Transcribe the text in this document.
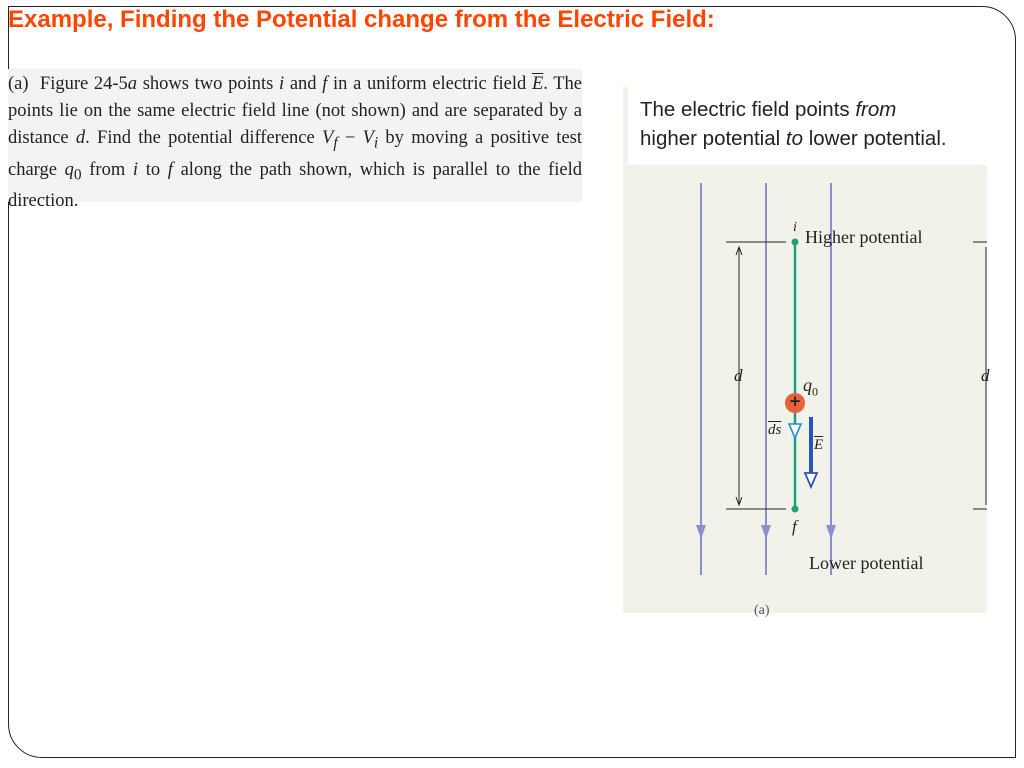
Example, Finding the Potential change from the Electric Field:

(a) Figure 24-5a shows two points i and f in a uniform electric field $\overline{E}$. The points lie on the same electric field line (not shown) and are separated by a distance d. Find the potential difference $V_f - V_i$ by moving a positive test charge $q_0$ from i to f along the path shown, which is parallel to the field direction.

i Higher potential
d	d
$q_0$
+
$\overline{ds}$
$\overline{E}$
f
Lower potential
(a)
The electric field points from
higher potential to lower potential.
